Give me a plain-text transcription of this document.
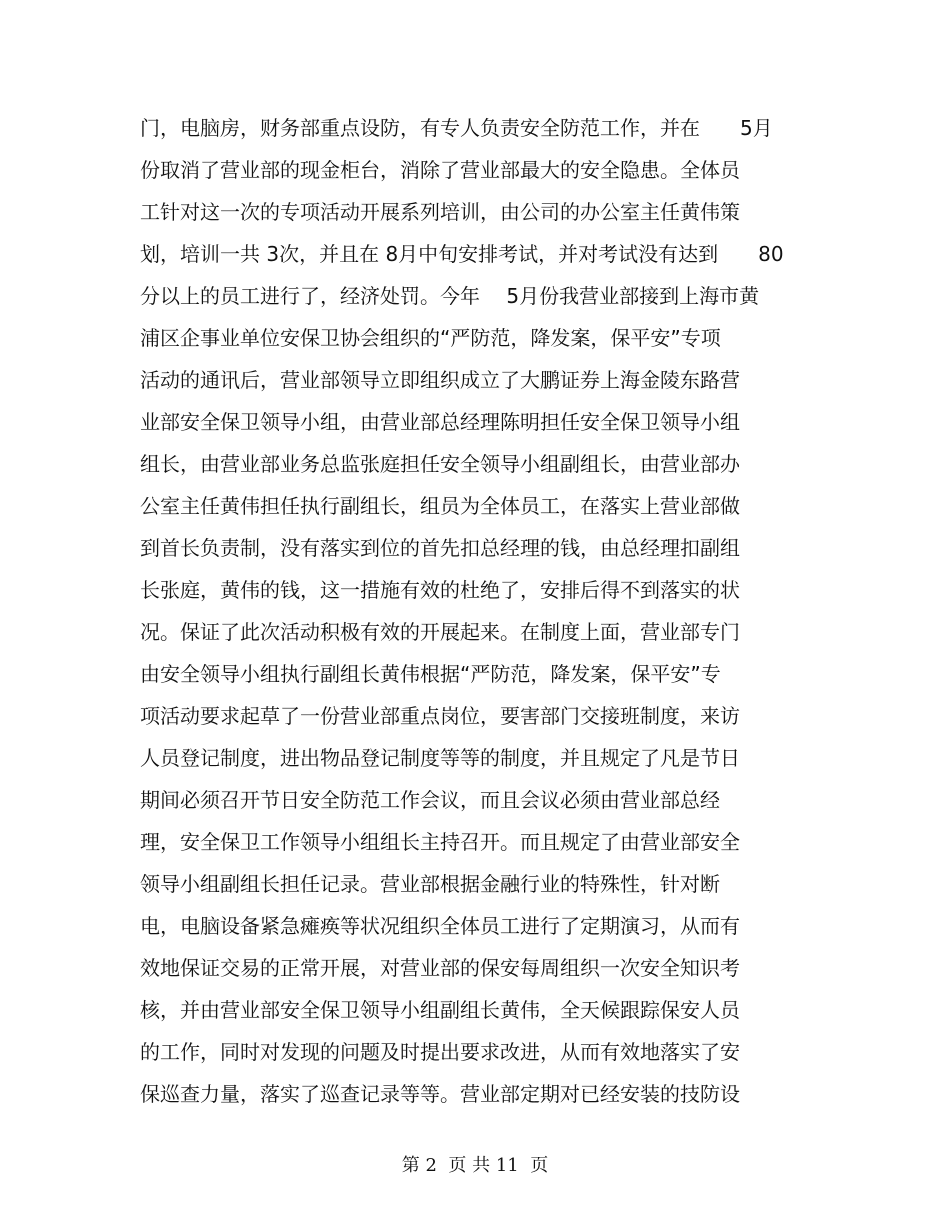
门，电脑房，财务部重点设防，有专人负责安全防范工作，并在　　5月
份取消了营业部的现金柜台，消除了营业部最大的安全隐患。全体员
工针对这一次的专项活动开展系列培训，由公司的办公室主任黄伟策
划，培训一共 3次，并且在 8月中旬安排考试，并对考试没有达到　　80
分以上的员工进行了，经济处罚。今年　 5月份我营业部接到上海市黄
浦区企事业单位安保卫协会组织的“严防范，降发案，保平安”专项
活动的通讯后，营业部领导立即组织成立了大鹏证券上海金陵东路营
业部安全保卫领导小组，由营业部总经理陈明担任安全保卫领导小组
组长，由营业部业务总监张庭担任安全领导小组副组长，由营业部办
公室主任黄伟担任执行副组长，组员为全体员工，在落实上营业部做
到首长负责制，没有落实到位的首先扣总经理的钱，由总经理扣副组
长张庭，黄伟的钱，这一措施有效的杜绝了，安排后得不到落实的状
况。保证了此次活动积极有效的开展起来。在制度上面，营业部专门
由安全领导小组执行副组长黄伟根据“严防范，降发案，保平安”专
项活动要求起草了一份营业部重点岗位，要害部门交接班制度，来访
人员登记制度，进出物品登记制度等等的制度，并且规定了凡是节日
期间必须召开节日安全防范工作会议，而且会议必须由营业部总经
理，安全保卫工作领导小组组长主持召开。而且规定了由营业部安全
领导小组副组长担任记录。营业部根据金融行业的特殊性，针对断
电，电脑设备紧急瘫痪等状况组织全体员工进行了定期演习，从而有
效地保证交易的正常开展，对营业部的保安每周组织一次安全知识考
核，并由营业部安全保卫领导小组副组长黄伟，全天候跟踪保安人员
的工作，同时对发现的问题及时提出要求改进，从而有效地落实了安
保巡查力量，落实了巡查记录等等。营业部定期对已经安装的技防设
第 2  页 共 11  页
